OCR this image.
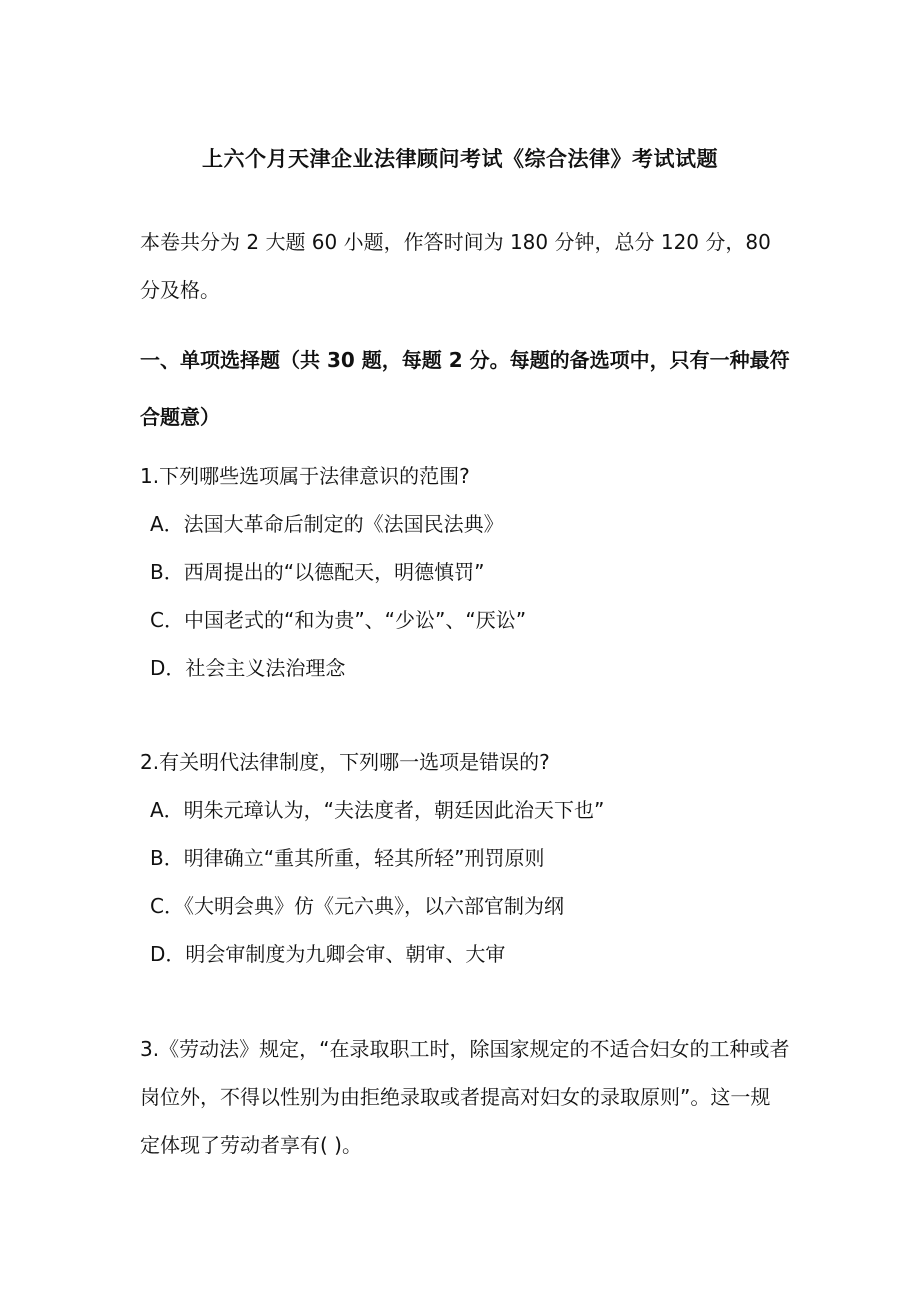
上六个月天津企业法律顾问考试《综合法律》考试试题
本卷共分为 2 大题 60 小题，作答时间为 180 分钟，总分 120 分，80 分及格。
一、单项选择题（共 30 题，每题 2 分。每题的备选项中，只有一种最符合题意）

1.下列哪些选项属于法律意识的范围?

A．法国大革命后制定的《法国民法典》
B．西周提出的“以德配天，明德慎罚”
C．中国老式的“和为贵”、“少讼”、“厌讼”
D．社会主义法治理念

2.有关明代法律制度，下列哪一选项是错误的?

A．明朱元璋认为，“夫法度者，朝廷因此治天下也”
B．明律确立“重其所重，轻其所轻”刑罚原则
C．《大明会典》仿《元六典》，以六部官制为纲
D．明会审制度为九卿会审、朝审、大审

3.《劳动法》规定，“在录取职工时，除国家规定的不适合妇女的工种或者岗位外，不得以性别为由拒绝录取或者提高对妇女的录取原则”。这一规定体现了劳动者享有( )。
